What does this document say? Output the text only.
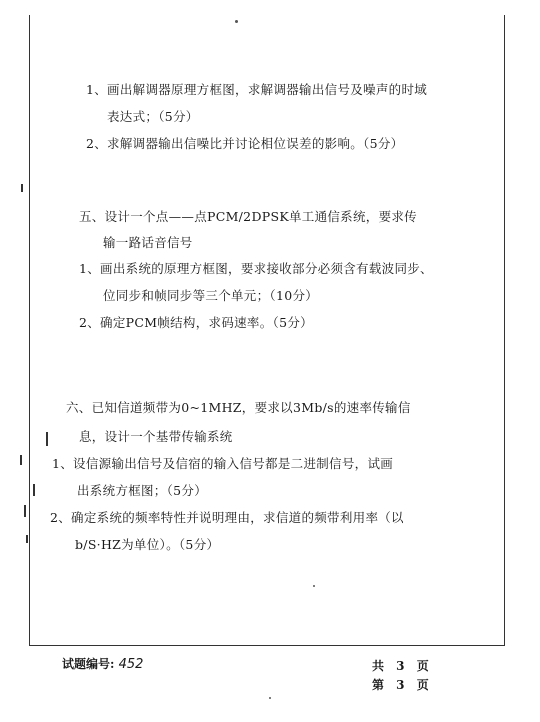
1、画出解调器原理方框图，求解调器输出信号及噪声的时域
表达式；（5分）
2、求解调器输出信噪比并讨论相位误差的影响。（5分）
五、设计一个点——点PCM/2DPSK单工通信系统，要求传
输一路话音信号
1、画出系统的原理方框图，要求接收部分必须含有载波同步、
位同步和帧同步等三个单元；（10分）
2、确定PCM帧结构，求码速率。（5分）
六、已知信道频带为0~1MHZ，要求以3Mb/s的速率传输信
息，设计一个基带传输系统
1、设信源输出信号及信宿的输入信号都是二进制信号，试画
出系统方框图；（5分）
2、确定系统的频率特性并说明理由，求信道的频带利用率（以
b/S·HZ为单位）。（5分）
试题编号: 452	共 3 页
第 3 页
